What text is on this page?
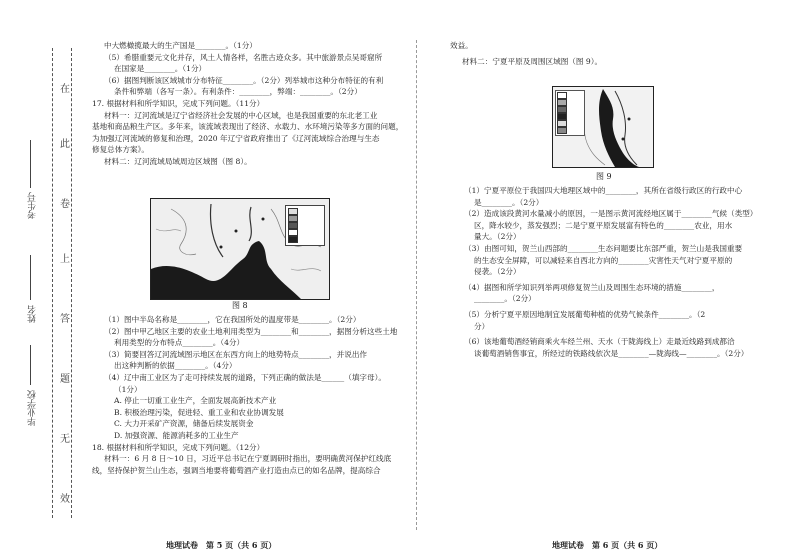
在
此
卷
上
答
题
无
效
考生号
姓名
毕业学校

中大燃橄揽最大的生产国是________。（1分）

（5）希腊重要元文化并存，风土人情各样，名胜古迹众多。其中旅游景点吴哥窟所

在国家是________。（1分）

（6）据图判断该区域城市分布特征________。（2分）列举城市这种分布特征的有利

条件和弊端（各写一条）。有利条件：________，弊端：________。（2分）

17. 根据材料和所学知识，完成下列问题。（11分）

材料一：辽河流域是辽宁省经济社会发展的中心区域，也是我国重要的东北老工业

基地和商品粮生产区。多年来，该流域表现出了经济、水载力、水环境污染等多方面的问题，

为加强辽河流域的修复和治理，2020 年辽宁省政府推出了《辽河流域综合治理与生态

修复总体方案》。

材料二：辽河流域局域周边区域图（图 8）。

图 8

（1）图中半岛名称是________，它在我国所处的温度带是________。（2分）

（2）图中甲乙地区主要的农业土地利用类型为________和________，据图分析这些土地

利用类型的分布特点________。（4分）

（3）简要回答辽河流域图示地区在东西方向上的地势特点________，并说出作

出这种判断的依据________。（4分）

（4）辽中南工业区为了走可持续发展的道路，下列正确的做法是______（填字母）。

（1分）

A. 停止一切重工业生产，全面发展高新技术产业

B. 积极治理污染，促进轻、重工业和农业协调发展

C. 大力开采矿产资源，储备后续发展资金

D. 加强资源、能源消耗多的工业生产

18. 根据材料和所学知识，完成下列问题。（12分）

材料一：6 月 8 日～10 日，习近平总书记在宁夏调研时指出，要明确黄河保护红线底

线，坚持保护贺兰山生态，强调当地要将葡萄酒产业打造由点已的如名品牌，提高综合

地理试卷　第 5 页（共 6 页）

效益。

材料二：宁夏平原及周围区域图（图 9）。

图 9

（1）宁夏平原位于我国四大地理区域中的________，其所在省级行政区的行政中心

是________。（2分）

（2）造成该段黄河水量减小的原因，一是图示黄河流经地区属于________气候（类型）

区，降水较少，蒸发强烈；二是宁夏平原发展富有特色的________农业，用水

量大。（2分）

（3）由图可知，贺兰山西部的________生态问题要比东部严重，贺兰山是我国重要

的生态安全屏障，可以减轻来自西北方向的________灾害性天气对宁夏平原的

侵袭。（2分）

（4）据图和所学知识列举两项修复贺兰山及周围生态环境的措施________，

________。（2分）

（5）分析宁夏平原因地制宜发展葡萄种植的优势气候条件________。（2

分）

（6）该地葡萄酒经销商乘火车经兰州、天水（于陇海线上）走最近线路到成都洽

谈葡萄酒销售事宜，所经过的铁路线依次是________—陇海线—________。（2分）

地理试卷　第 6 页（共 6 页）
